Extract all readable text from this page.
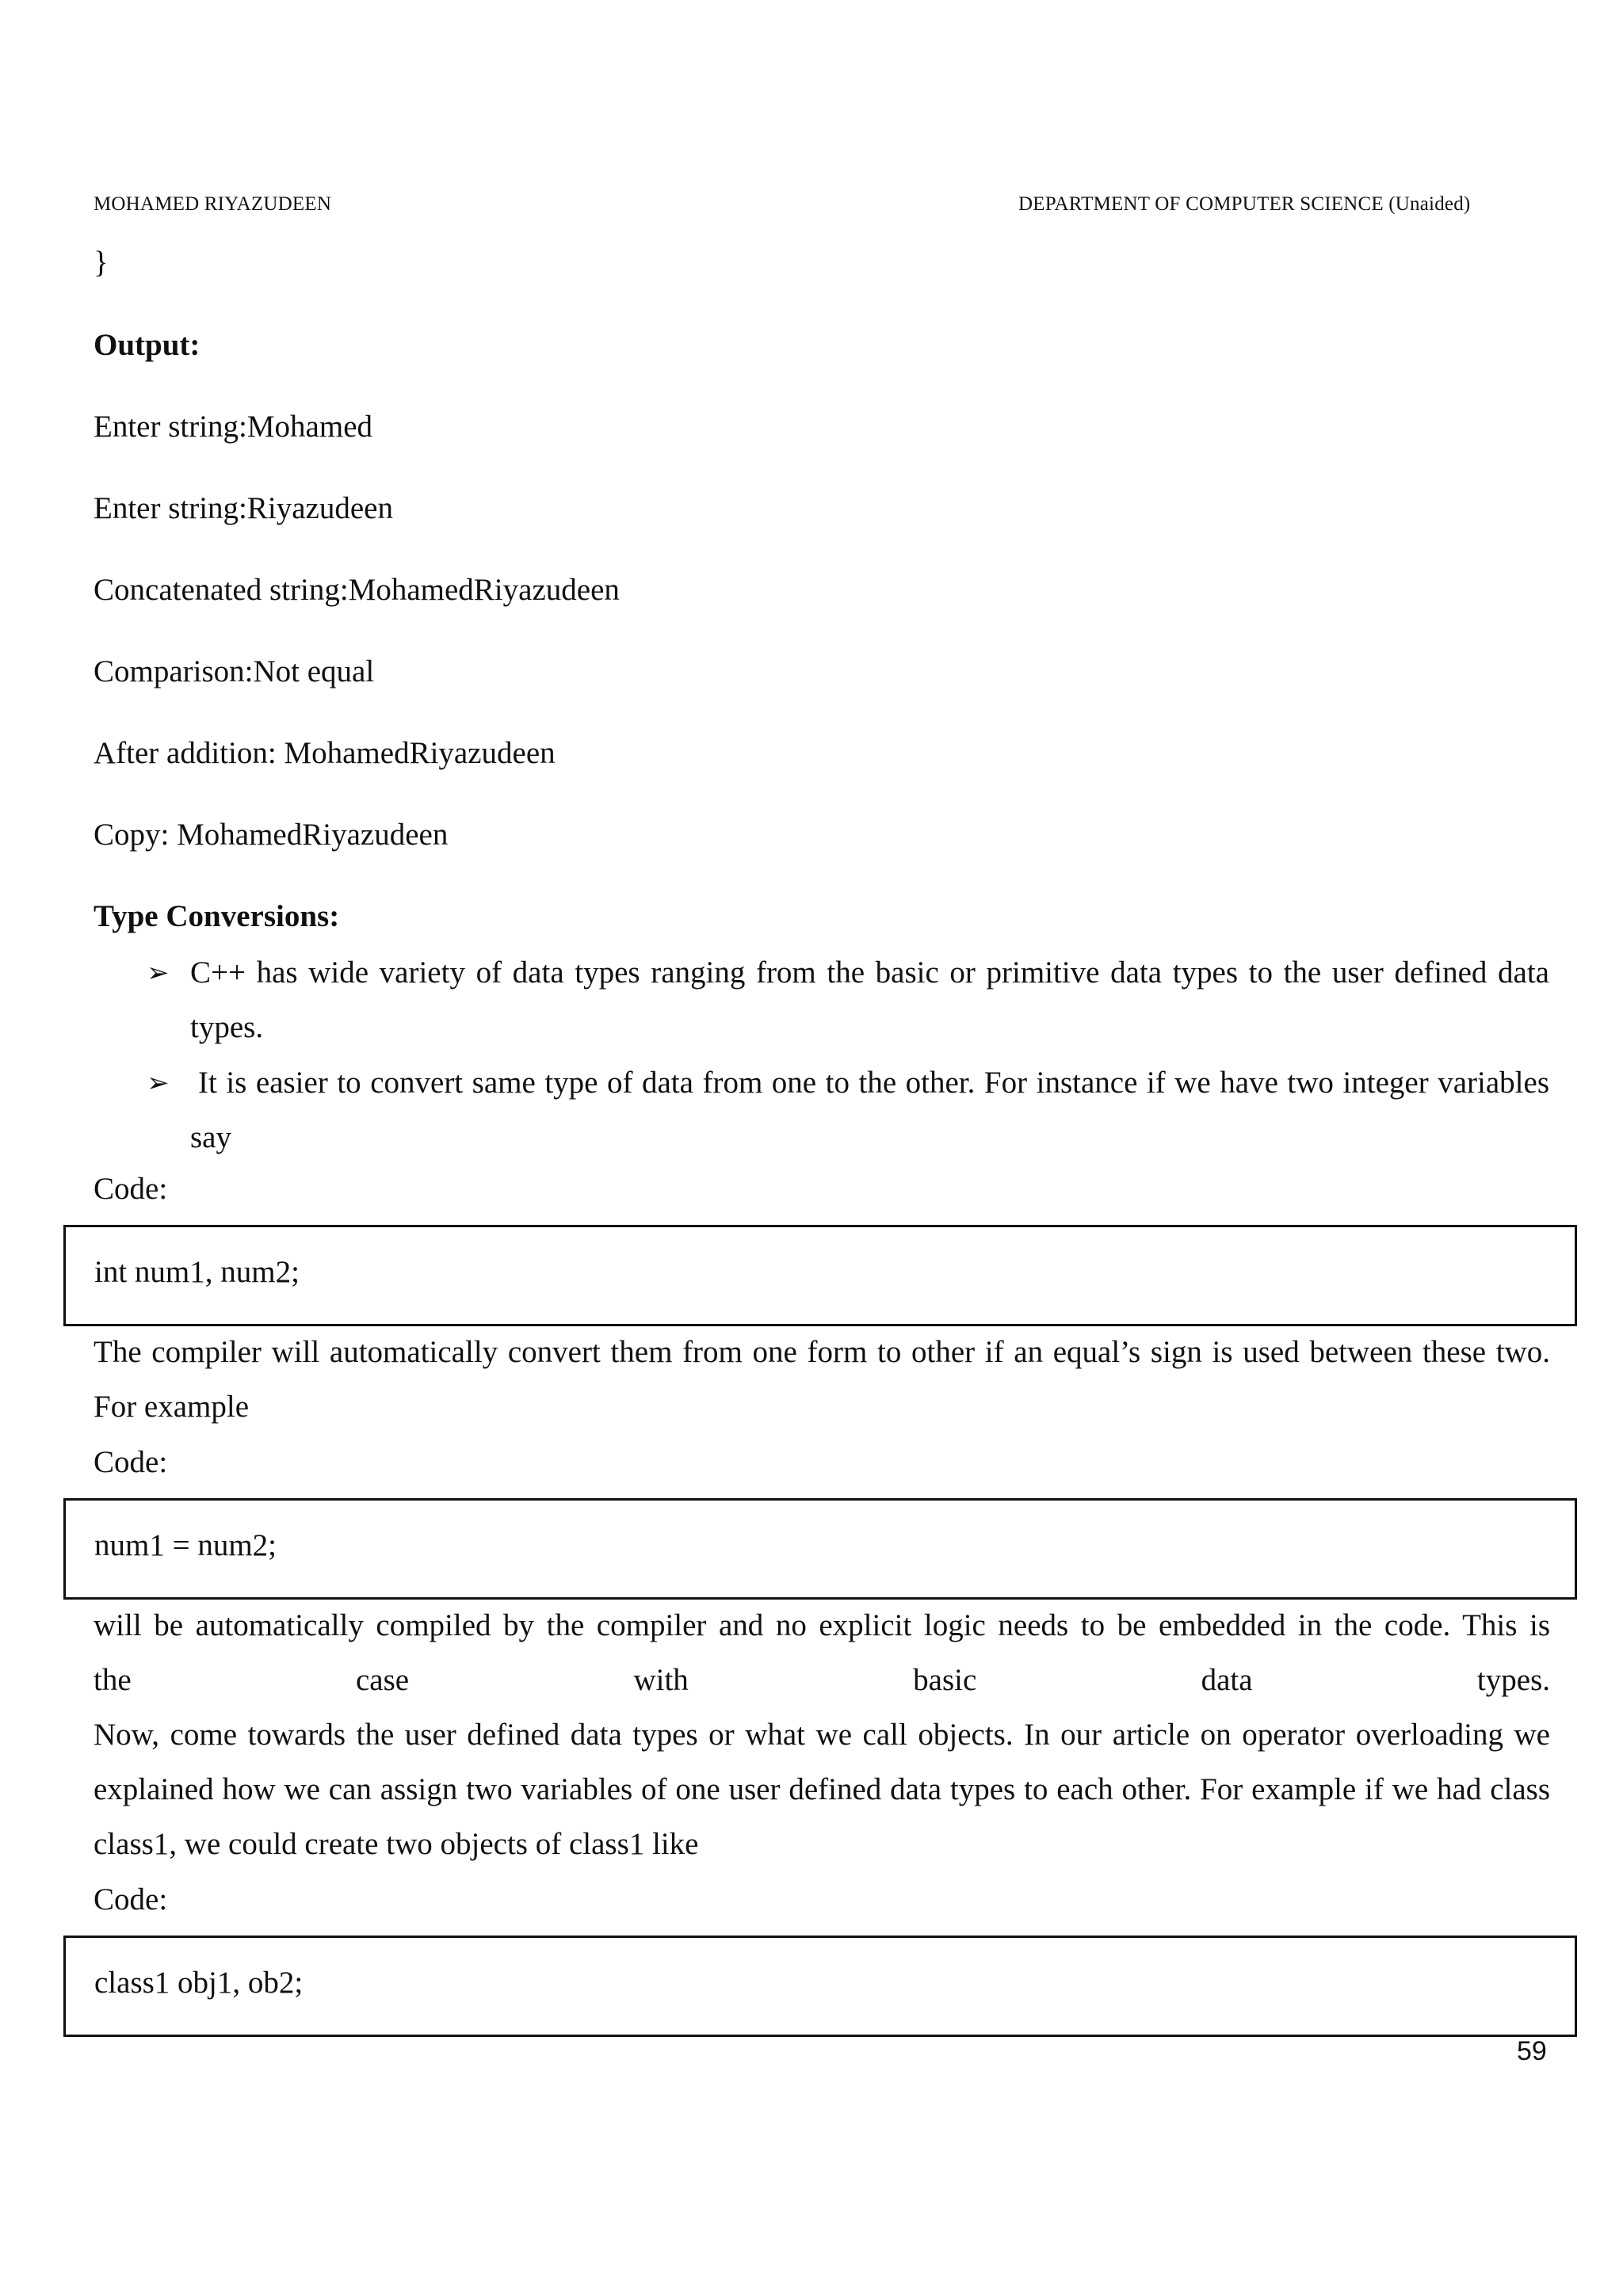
MOHAMED RIYAZUDEEN	DEPARTMENT OF COMPUTER SCIENCE (Unaided)
}
Output:
Enter string:Mohamed
Enter string:Riyazudeen
Concatenated string:MohamedRiyazudeen
Comparison:Not equal
After addition: MohamedRiyazudeen
Copy: MohamedRiyazudeen
Type Conversions:
➢ C++ has wide variety of data types ranging from the basic or primitive data types to the user defined data types.
➢ It is easier to convert same type of data from one to the other. For instance if we have two integer variables say
Code:
int num1, num2;
The compiler will automatically convert them from one form to other if an equal’s sign is used between these two. For example
Code:
num1 = num2;
will be automatically compiled by the compiler and no explicit logic needs to be embedded in the code. This is
the case with basic data types.
Now, come towards the user defined data types or what we call objects. In our article on operator overloading we explained how we can assign two variables of one user defined data types to each other. For example if we had class class1, we could create two objects of class1 like
Code:
class1 obj1, ob2;
59
